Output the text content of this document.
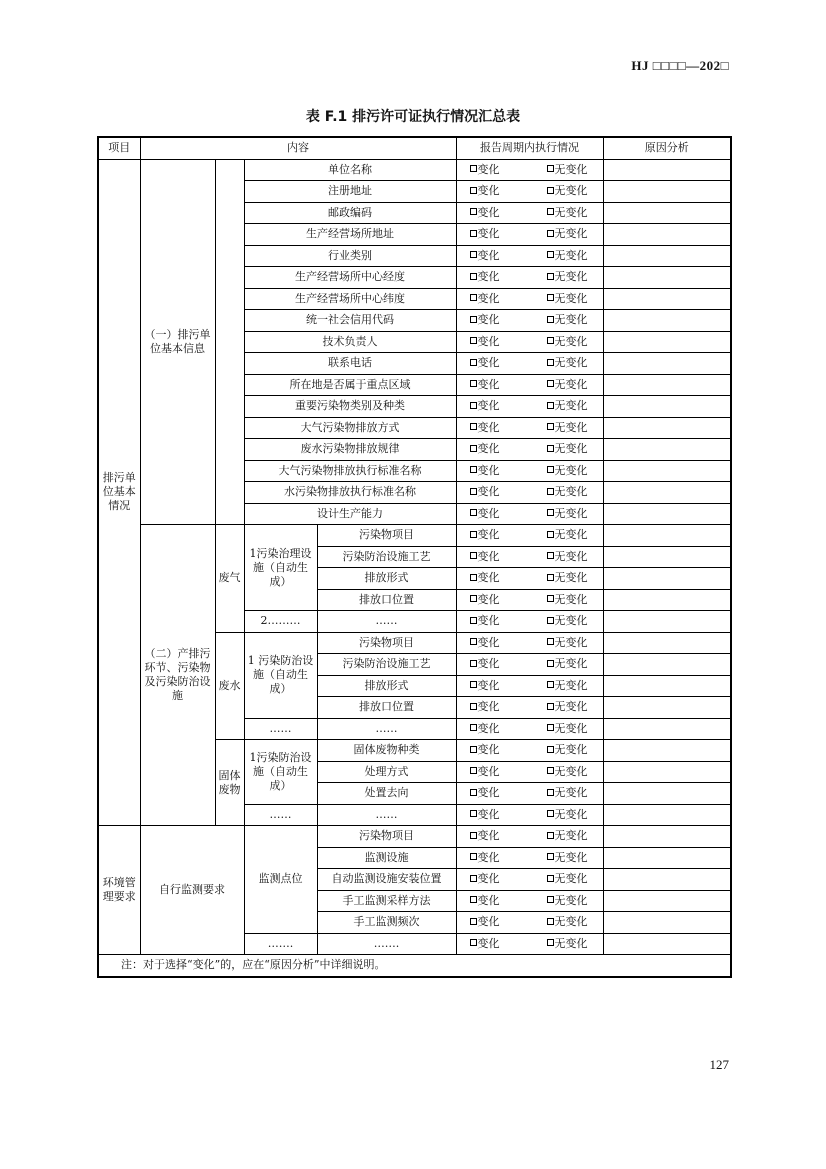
HJ □□□□—202□
表 F.1 排污许可证执行情况汇总表
项目	内容				报告周期内执行情况	原因分析
排污单位基本情况	（一）排污单位基本信息		单位名称		变化 无变化	

			注册地址		变化 无变化	

			邮政编码		变化 无变化	

			生产经营场所地址		变化 无变化	

			行业类别		变化 无变化	

			生产经营场所中心经度		变化 无变化	

			生产经营场所中心纬度		变化 无变化	

			统一社会信用代码		变化 无变化	

			技术负责人		变化 无变化	

			联系电话		变化 无变化	

			所在地是否属于重点区域		变化 无变化	

			重要污染物类别及种类		变化 无变化	

			大气污染物排放方式		变化 无变化	

			废水污染物排放规律		变化 无变化	

			大气污染物排放执行标准名称		变化 无变化	

			水污染物排放执行标准名称		变化 无变化	

			设计生产能力		变化 无变化	

	（二）产排污环节、污染物及污染防治设施	废气	1污染治理设施（自动生成）	污染物项目	变化 无变化	

				污染防治设施工艺	变化 无变化	

				排放形式	变化 无变化	

				排放口位置	变化 无变化	

			2………	……	变化 无变化	

		废水	1 污染防治设施（自动生成）	污染物项目	变化 无变化	

				污染防治设施工艺	变化 无变化	

				排放形式	变化 无变化	

				排放口位置	变化 无变化	

			……	……	变化 无变化	

		固体废物	1污染防治设施（自动生成）	固体废物种类	变化 无变化	

				处理方式	变化 无变化	

				处置去向	变化 无变化	

			……	……	变化 无变化	

环境管理要求	自行监测要求		监测点位	污染物项目	变化 无变化	

				监测设施	变化 无变化	

				自动监测设施安装位置	变化 无变化	

				手工监测采样方法	变化 无变化	

				手工监测频次	变化 无变化	

			…….	…….	变化 无变化	

注：对于选择“变化”的，应在“原因分析”中详细说明。						
127
